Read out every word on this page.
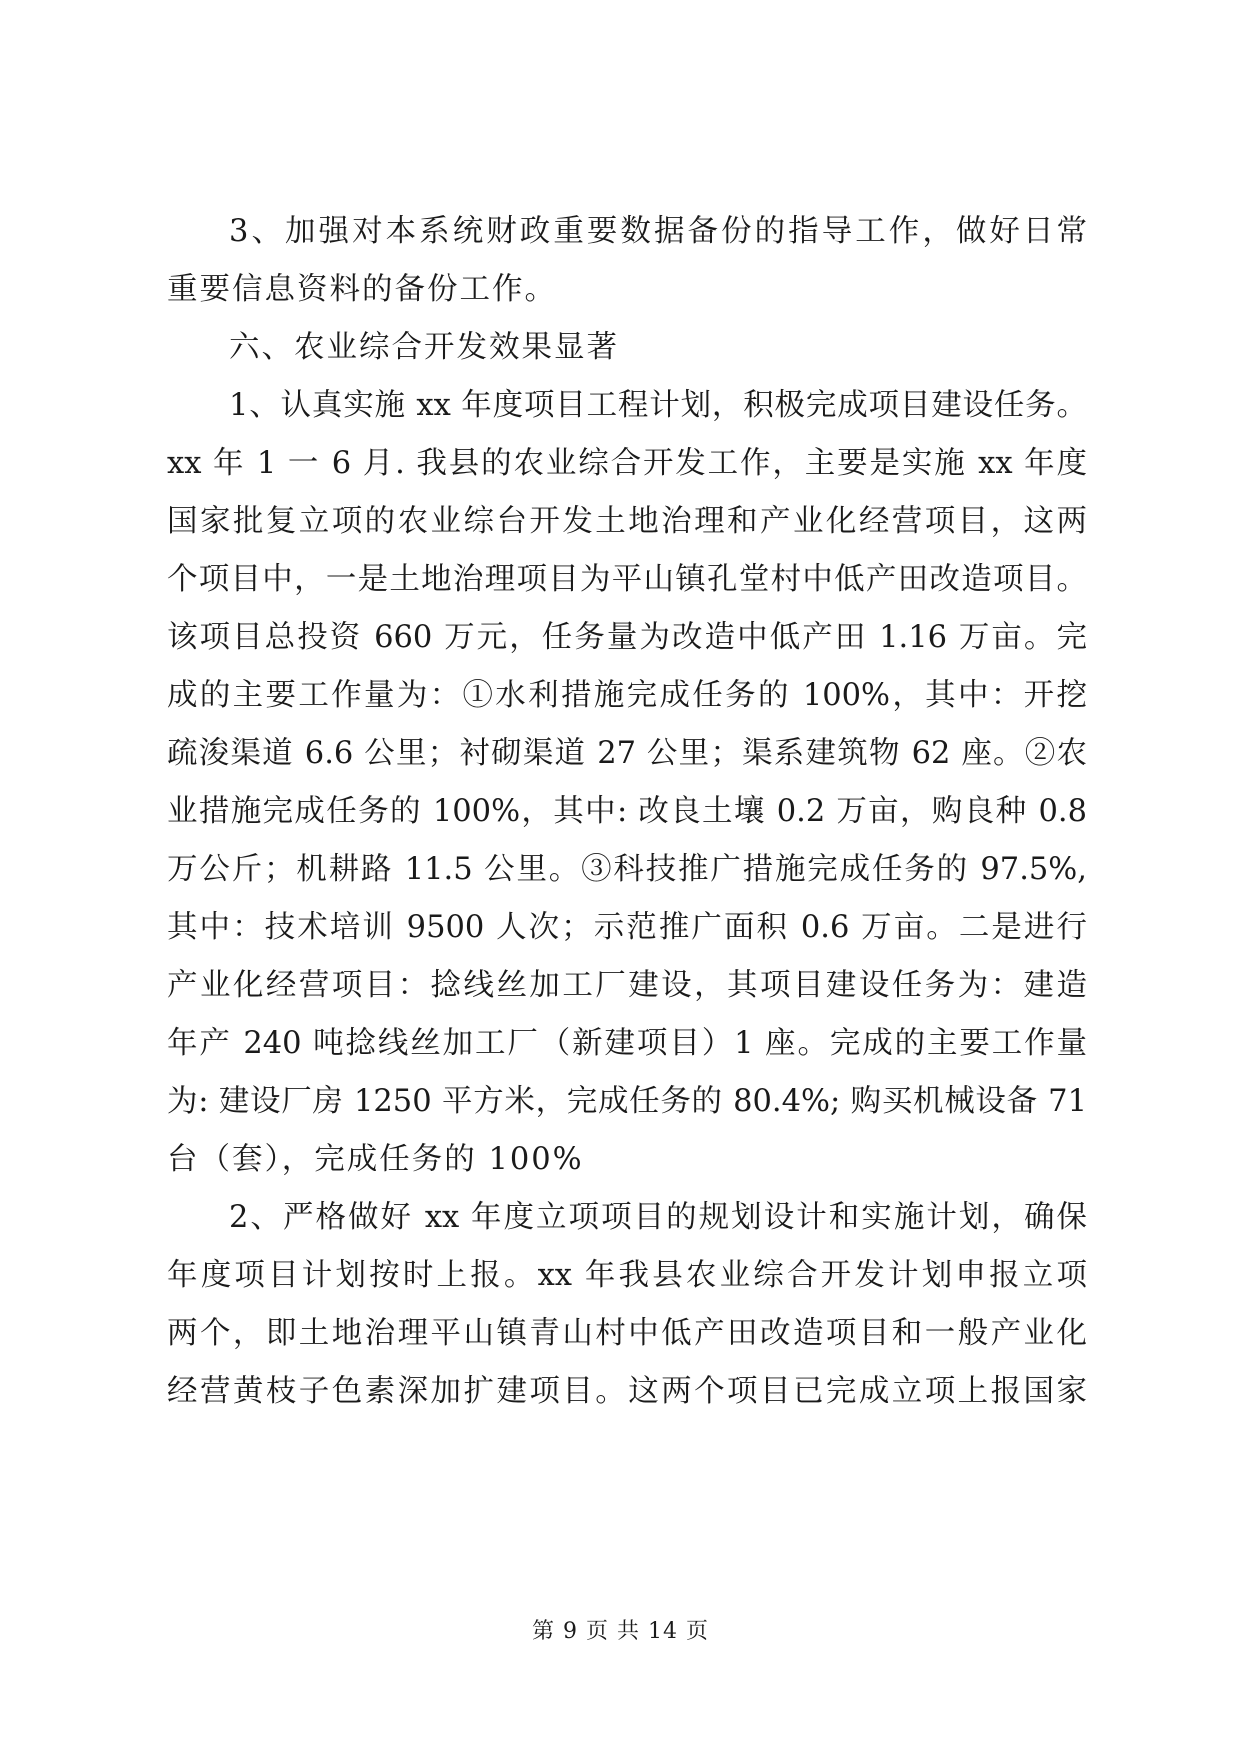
3、加强对本系统财政重要数据备份的指导工作，做好日常
重要信息资料的备份工作。
六、农业综合开发效果显著
1、认真实施 xx 年度项目工程计划，积极完成项目建设任务。
xx 年 1 一 6 月. 我县的农业综合开发工作，主要是实施 xx 年度
国家批复立项的农业综台开发土地治理和产业化经营项目，这两
个项目中，一是土地治理项目为平山镇孔堂村中低产田改造项目。
该项目总投资 660 万元，任务量为改造中低产田 1.16 万亩。完
成的主要工作量为：①水利措施完成任务的 100%，其中：开挖
疏浚渠道 6.6 公里；衬砌渠道 27 公里；渠系建筑物 62 座。②农
业措施完成任务的 100%，其中: 改良土壤 0.2 万亩，购良种 0.8
万公斤；机耕路 11.5 公里。③科技推广措施完成任务的 97.5%,
其中：技术培训 9500 人次；示范推广面积 0.6 万亩。二是进行
产业化经营项目：捻线丝加工厂建设，其项目建设任务为：建造
年产 240 吨捻线丝加工厂（新建项目）1 座。完成的主要工作量
为: 建设厂房 1250 平方米，完成任务的 80.4%; 购买机械设备 71
台（套），完成任务的 100%
2、严格做好 xx 年度立项项目的规划设计和实施计划，确保
年度项目计划按时上报。xx 年我县农业综合开发计划申报立项
两个，即土地治理平山镇青山村中低产田改造项目和一般产业化
经营黄枝子色素深加扩建项目。这两个项目已完成立项上报国家
第 9 页 共 14 页
